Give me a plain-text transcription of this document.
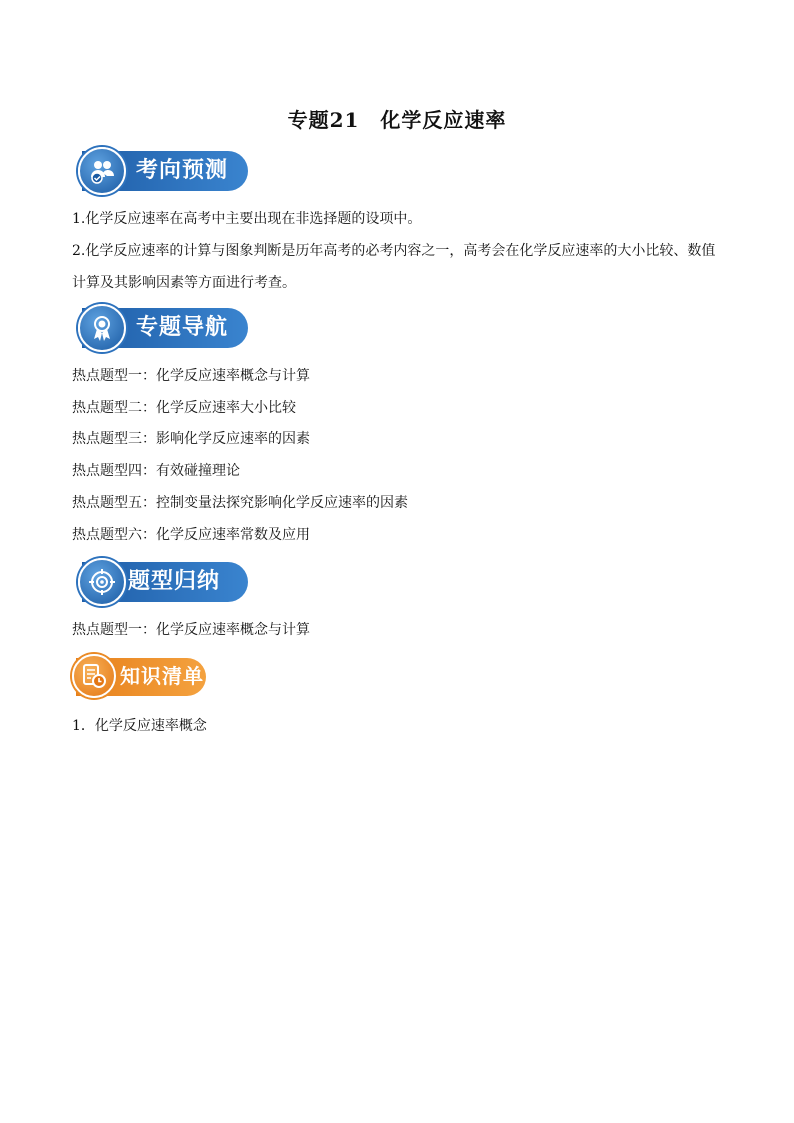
专题21　化学反应速率
考向预测
1.化学反应速率在高考中主要出现在非选择题的设项中。
2.化学反应速率的计算与图象判断是历年高考的必考内容之一，高考会在化学反应速率的大小比较、数值计算及其影响因素等方面进行考查。
专题导航
热点题型一：化学反应速率概念与计算
热点题型二：化学反应速率大小比较
热点题型三：影响化学反应速率的因素
热点题型四：有效碰撞理论
热点题型五：控制变量法探究影响化学反应速率的因素
热点题型六：化学反应速率常数及应用
题型归纳
热点题型一：化学反应速率概念与计算
知识清单
1．化学反应速率概念
